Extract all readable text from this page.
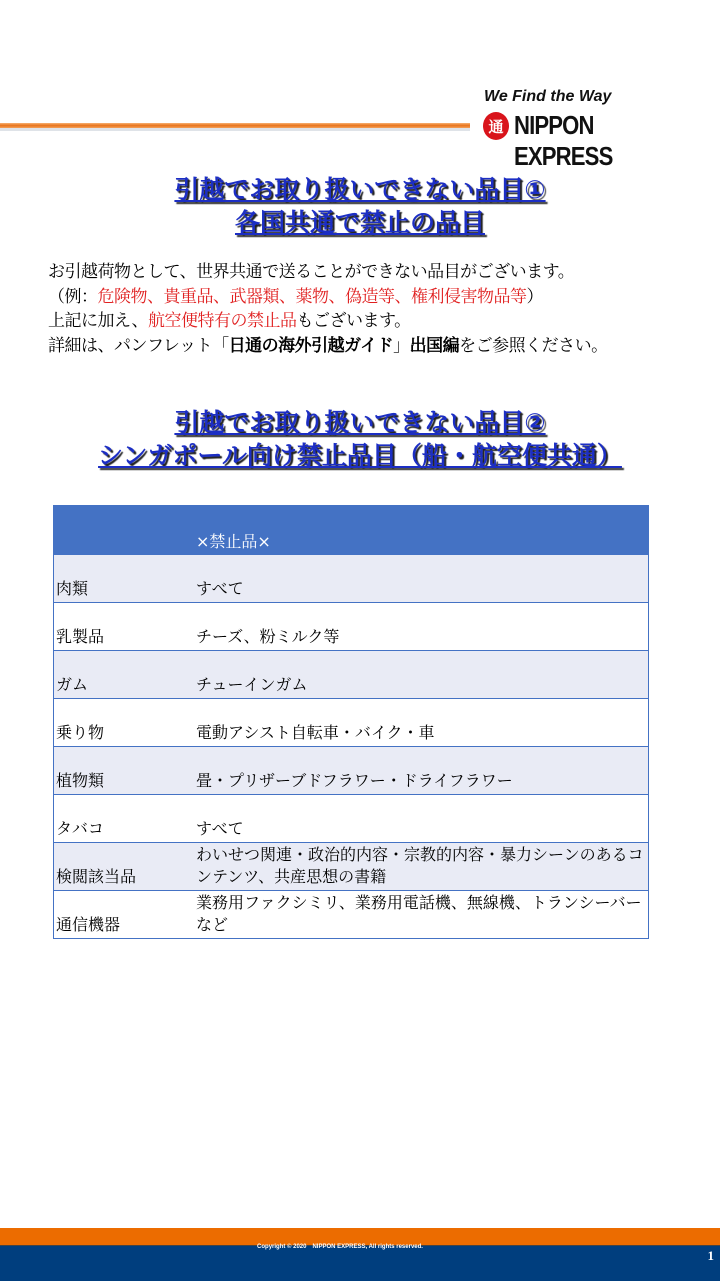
We Find the Way
通 NIPPON EXPRESS
引越でお取り扱いできない品目①
各国共通で禁止の品目
お引越荷物として、世界共通で送ることができない品目がございます。
（例：危険物、貴重品、武器類、薬物、偽造等、権利侵害物品等）
上記に加え、航空便特有の禁止品もございます。
詳細は、パンフレット「日通の海外引越ガイド」出国編をご参照ください。
引越でお取り扱いできない品目②
シンガポール向け禁止品目（船・航空便共通）
	×禁止品×
肉類	すべて
乳製品	チーズ、粉ミルク等
ガム	チューインガム
乗り物	電動アシスト自転車・バイク・車
植物類	畳・プリザーブドフラワー・ドライフラワー
タバコ	すべて
検閲該当品	わいせつ関連・政治的内容・宗教的内容・暴力シーンのあるコンテンツ、共産思想の書籍
通信機器	業務用ファクシミリ、業務用電話機、無線機、トランシーバーなど
Copyright © 2020　NIPPON EXPRESS, All rights reserved.
1
